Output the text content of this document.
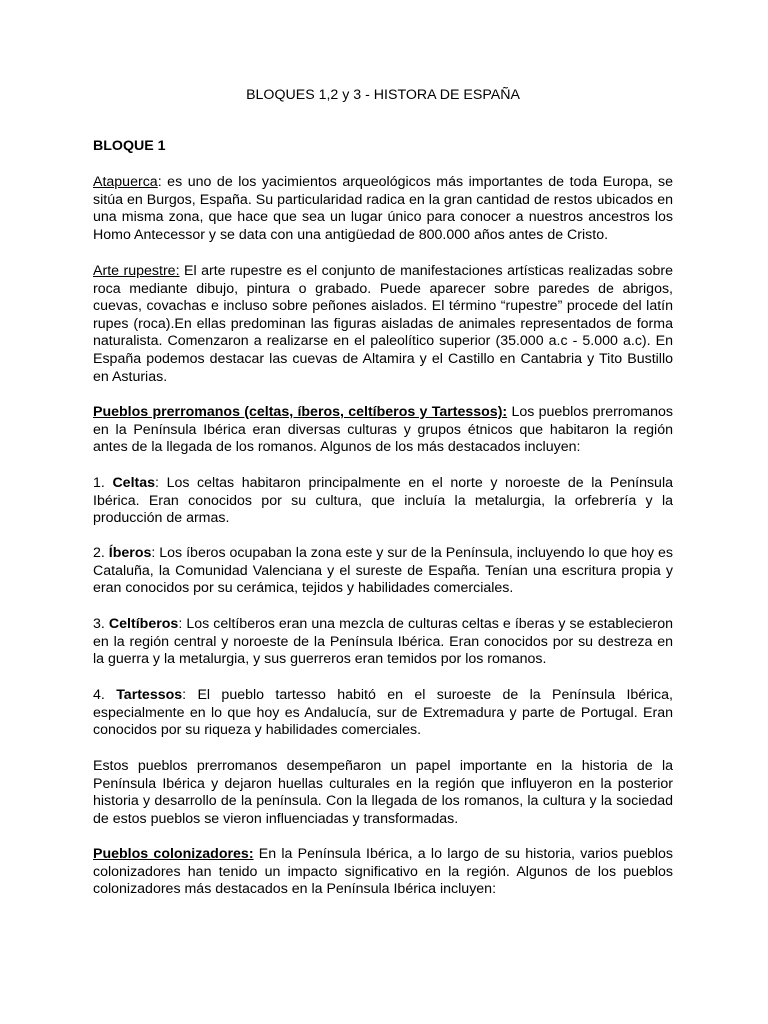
BLOQUES 1,2 y 3 - HISTORA DE ESPAÑA
BLOQUE 1

Atapuerca: es uno de los yacimientos arqueológicos más importantes de toda Europa, se sitúa en Burgos, España. Su particularidad radica en la gran cantidad de restos ubicados en una misma zona, que hace que sea un lugar único para conocer a nuestros ancestros los Homo Antecessor y se data con una antigüedad de 800.000 años antes de Cristo.

Arte rupestre: El arte rupestre es el conjunto de manifestaciones artísticas realizadas sobre roca mediante dibujo, pintura o grabado. Puede aparecer sobre paredes de abrigos, cuevas, covachas e incluso sobre peñones aislados. El término “rupestre” procede del latín rupes (roca).En ellas predominan las figuras aisladas de animales representados de forma naturalista. Comenzaron a realizarse en el paleolítico superior (35.000 a.c - 5.000 a.c). En España podemos destacar las cuevas de Altamira y el Castillo en Cantabria y Tito Bustillo en Asturias.

Pueblos prerromanos (celtas, íberos, celtíberos y Tartessos): Los pueblos prerromanos en la Península Ibérica eran diversas culturas y grupos étnicos que habitaron la región antes de la llegada de los romanos. Algunos de los más destacados incluyen:

1. Celtas: Los celtas habitaron principalmente en el norte y noroeste de la Península Ibérica. Eran conocidos por su cultura, que incluía la metalurgia, la orfebrería y la producción de armas.

2. Íberos: Los íberos ocupaban la zona este y sur de la Península, incluyendo lo que hoy es Cataluña, la Comunidad Valenciana y el sureste de España. Tenían una escritura propia y eran conocidos por su cerámica, tejidos y habilidades comerciales.

3. Celtíberos: Los celtíberos eran una mezcla de culturas celtas e íberas y se establecieron en la región central y noroeste de la Península Ibérica. Eran conocidos por su destreza en la guerra y la metalurgia, y sus guerreros eran temidos por los romanos.

4. Tartessos: El pueblo tartesso habitó en el suroeste de la Península Ibérica, especialmente en lo que hoy es Andalucía, sur de Extremadura y parte de Portugal. Eran conocidos por su riqueza y habilidades comerciales.

Estos pueblos prerromanos desempeñaron un papel importante en la historia de la Península Ibérica y dejaron huellas culturales en la región que influyeron en la posterior historia y desarrollo de la península. Con la llegada de los romanos, la cultura y la sociedad de estos pueblos se vieron influenciadas y transformadas.

Pueblos colonizadores: En la Península Ibérica, a lo largo de su historia, varios pueblos colonizadores han tenido un impacto significativo en la región. Algunos de los pueblos colonizadores más destacados en la Península Ibérica incluyen:
